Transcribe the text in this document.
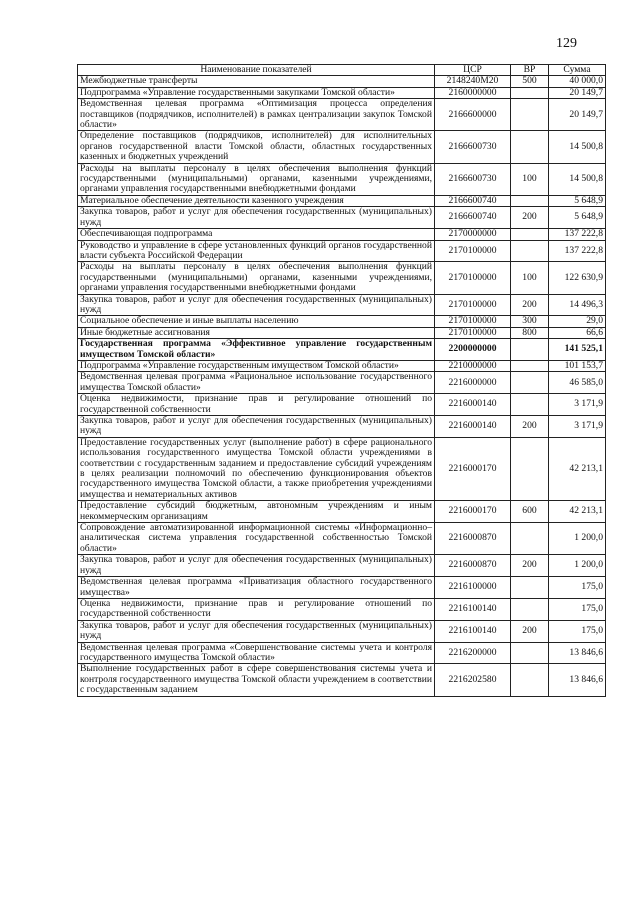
129
Наименование показателей	ЦСР	ВР	Сумма
Межбюджетные трансферты	2148240М20	500	40 000,0
Подпрограмма «Управление государственными закупками Томской области»	2160000000		20 149,7
Ведомственная целевая программа «Оптимизация процесса определения поставщиков (подрядчиков, исполнителей) в рамках централизации закупок Томской области»	2166600000		20 149,7
Определение поставщиков (подрядчиков, исполнителей) для исполнительных органов государственной власти Томской области, областных государственных казенных и бюджетных учреждений	2166600730		14 500,8
Расходы на выплаты персоналу в целях обеспечения выполнения функций государственными (муниципальными) органами, казенными учреждениями, органами управления государственными внебюджетными фондами	2166600730	100	14 500,8
Материальное обеспечение деятельности казенного учреждения	2166600740		5 648,9
Закупка товаров, работ и услуг для обеспечения государственных (муниципальных) нужд	2166600740	200	5 648,9
Обеспечивающая подпрограмма	2170000000		137 222,8
Руководство и управление в сфере установленных функций органов государственной власти субъекта Российской Федерации	2170100000		137 222,8
Расходы на выплаты персоналу в целях обеспечения выполнения функций государственными (муниципальными) органами, казенными учреждениями, органами управления государственными внебюджетными фондами	2170100000	100	122 630,9
Закупка товаров, работ и услуг для обеспечения государственных (муниципальных) нужд	2170100000	200	14 496,3
Социальное обеспечение и иные выплаты населению	2170100000	300	29,0
Иные бюджетные ассигнования	2170100000	800	66,6
Государственная программа «Эффективное управление государственным имуществом Томской области»	2200000000		141 525,1
Подпрограмма «Управление государственным имуществом Томской области»	2210000000		101 153,7
Ведомственная целевая программа «Рациональное использование государственного имущества Томской области»	2216000000		46 585,0
Оценка недвижимости, признание прав и регулирование отношений по государственной собственности	2216000140		3 171,9
Закупка товаров, работ и услуг для обеспечения государственных (муниципальных) нужд	2216000140	200	3 171,9
Предоставление государственных услуг (выполнение работ) в сфере рационального использования государственного имущества Томской области учреждениями в соответствии с государственным заданием и предоставление субсидий учреждениям в целях реализации полномочий по обеспечению функционирования объектов государственного имущества Томской области, а также приобретения учреждениями имущества и нематериальных активов	2216000170		42 213,1
Предоставление субсидий бюджетным, автономным учреждениям и иным некоммерческим организациям	2216000170	600	42 213,1
Сопровождение автоматизированной информационной системы «Информационно–аналитическая система управления государственной собственностью Томской области»	2216000870		1 200,0
Закупка товаров, работ и услуг для обеспечения государственных (муниципальных) нужд	2216000870	200	1 200,0
Ведомственная целевая программа «Приватизация областного государственного имущества»	2216100000		175,0
Оценка недвижимости, признание прав и регулирование отношений по государственной собственности	2216100140		175,0
Закупка товаров, работ и услуг для обеспечения государственных (муниципальных) нужд	2216100140	200	175,0
Ведомственная целевая программа «Совершенствование системы учета и контроля государственного имущества Томской области»	2216200000		13 846,6
Выполнение государственных работ в сфере совершенствования системы учета и контроля государственного имущества Томской области учреждением в соответствии с государственным заданием	2216202580		13 846,6
